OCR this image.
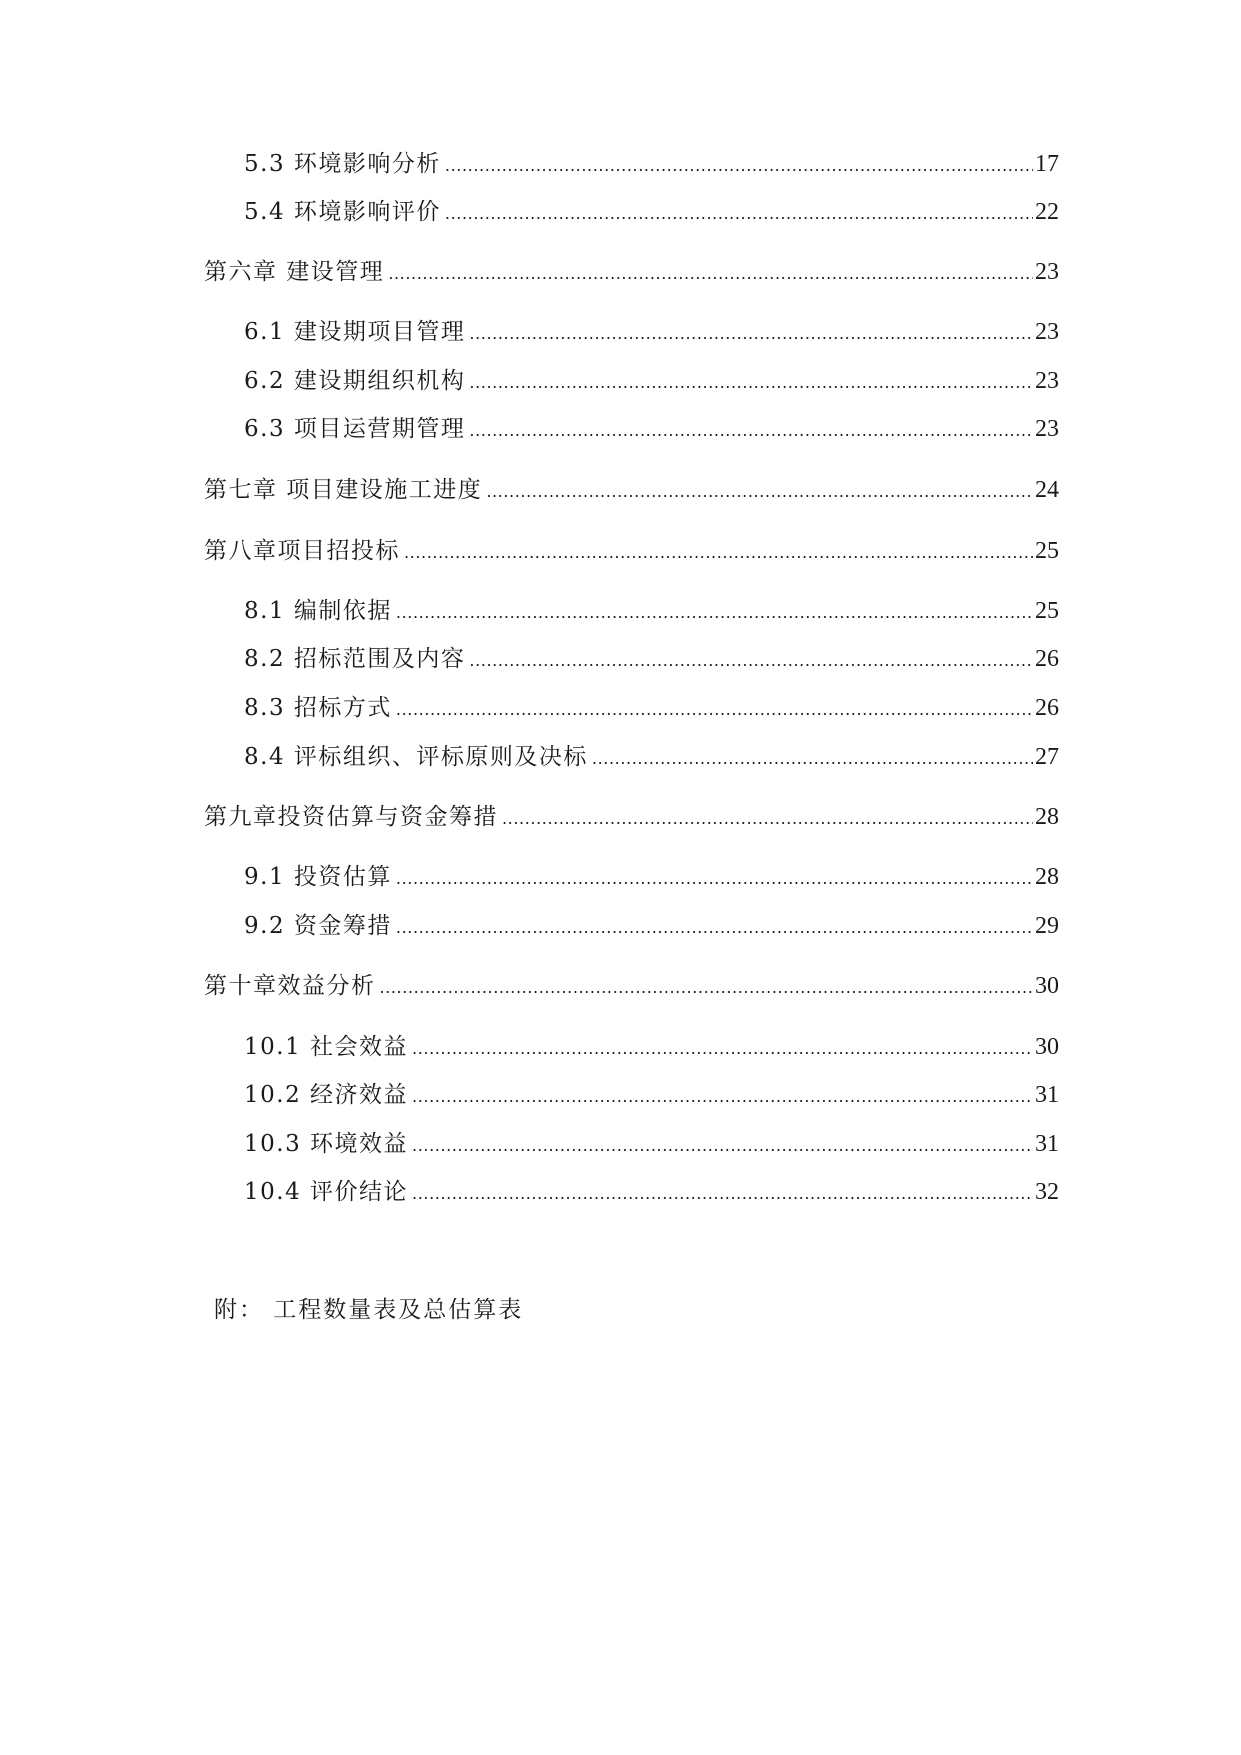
5.3 环境影响分析 .....	17
5.4 环境影响评价 .....	22
第六章 建设管理 .....	23
6.1 建设期项目管理 .....	23
6.2 建设期组织机构 .....	23
6.3 项目运营期管理 .....	23
第七章 项目建设施工进度 .....	24
第八章项目招投标 .....	25
8.1 编制依据 .....	25
8.2 招标范围及内容 .....	26
8.3 招标方式 .....	26
8.4 评标组织、评标原则及决标 .....	27
第九章投资估算与资金筹措 .....	28
9.1 投资估算 .....	28
9.2 资金筹措 .....	29
第十章效益分析 .....	30
10.1 社会效益 .....	30
10.2 经济效益 .....	31
10.3 环境效益 .....	31
10.4 评价结论 .....	32
附： 工程数量表及总估算表
